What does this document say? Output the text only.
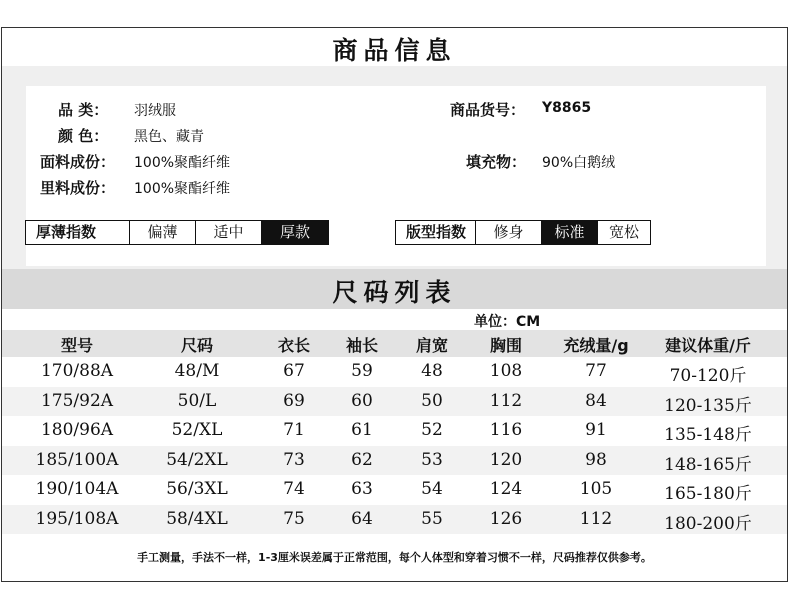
商品信息
品 类： 羽绒服	商品货号： Y8865
颜 色： 黑色、藏青
面料成份： 100%聚酯纤维	填充物： 90%白鹅绒
里料成份： 100%聚酯纤维
厚薄指数	偏薄	适中	厚款	版型指数	修身	标准	宽松
尺码列表
单位：CM
型号	尺码	衣长	袖长	肩宽	胸围	充绒量/g	建议体重/斤
170/88A	48/M	67	59	48	108	77	70-120斤
175/92A	50/L	69	60	50	112	84	120-135斤
180/96A	52/XL	71	61	52	116	91	135-148斤
185/100A	54/2XL	73	62	53	120	98	148-165斤
190/104A	56/3XL	74	63	54	124	105	165-180斤
195/108A	58/4XL	75	64	55	126	112	180-200斤
手工测量，手法不一样，1-3厘米误差属于正常范围，每个人体型和穿着习惯不一样，尺码推荐仅供参考。
